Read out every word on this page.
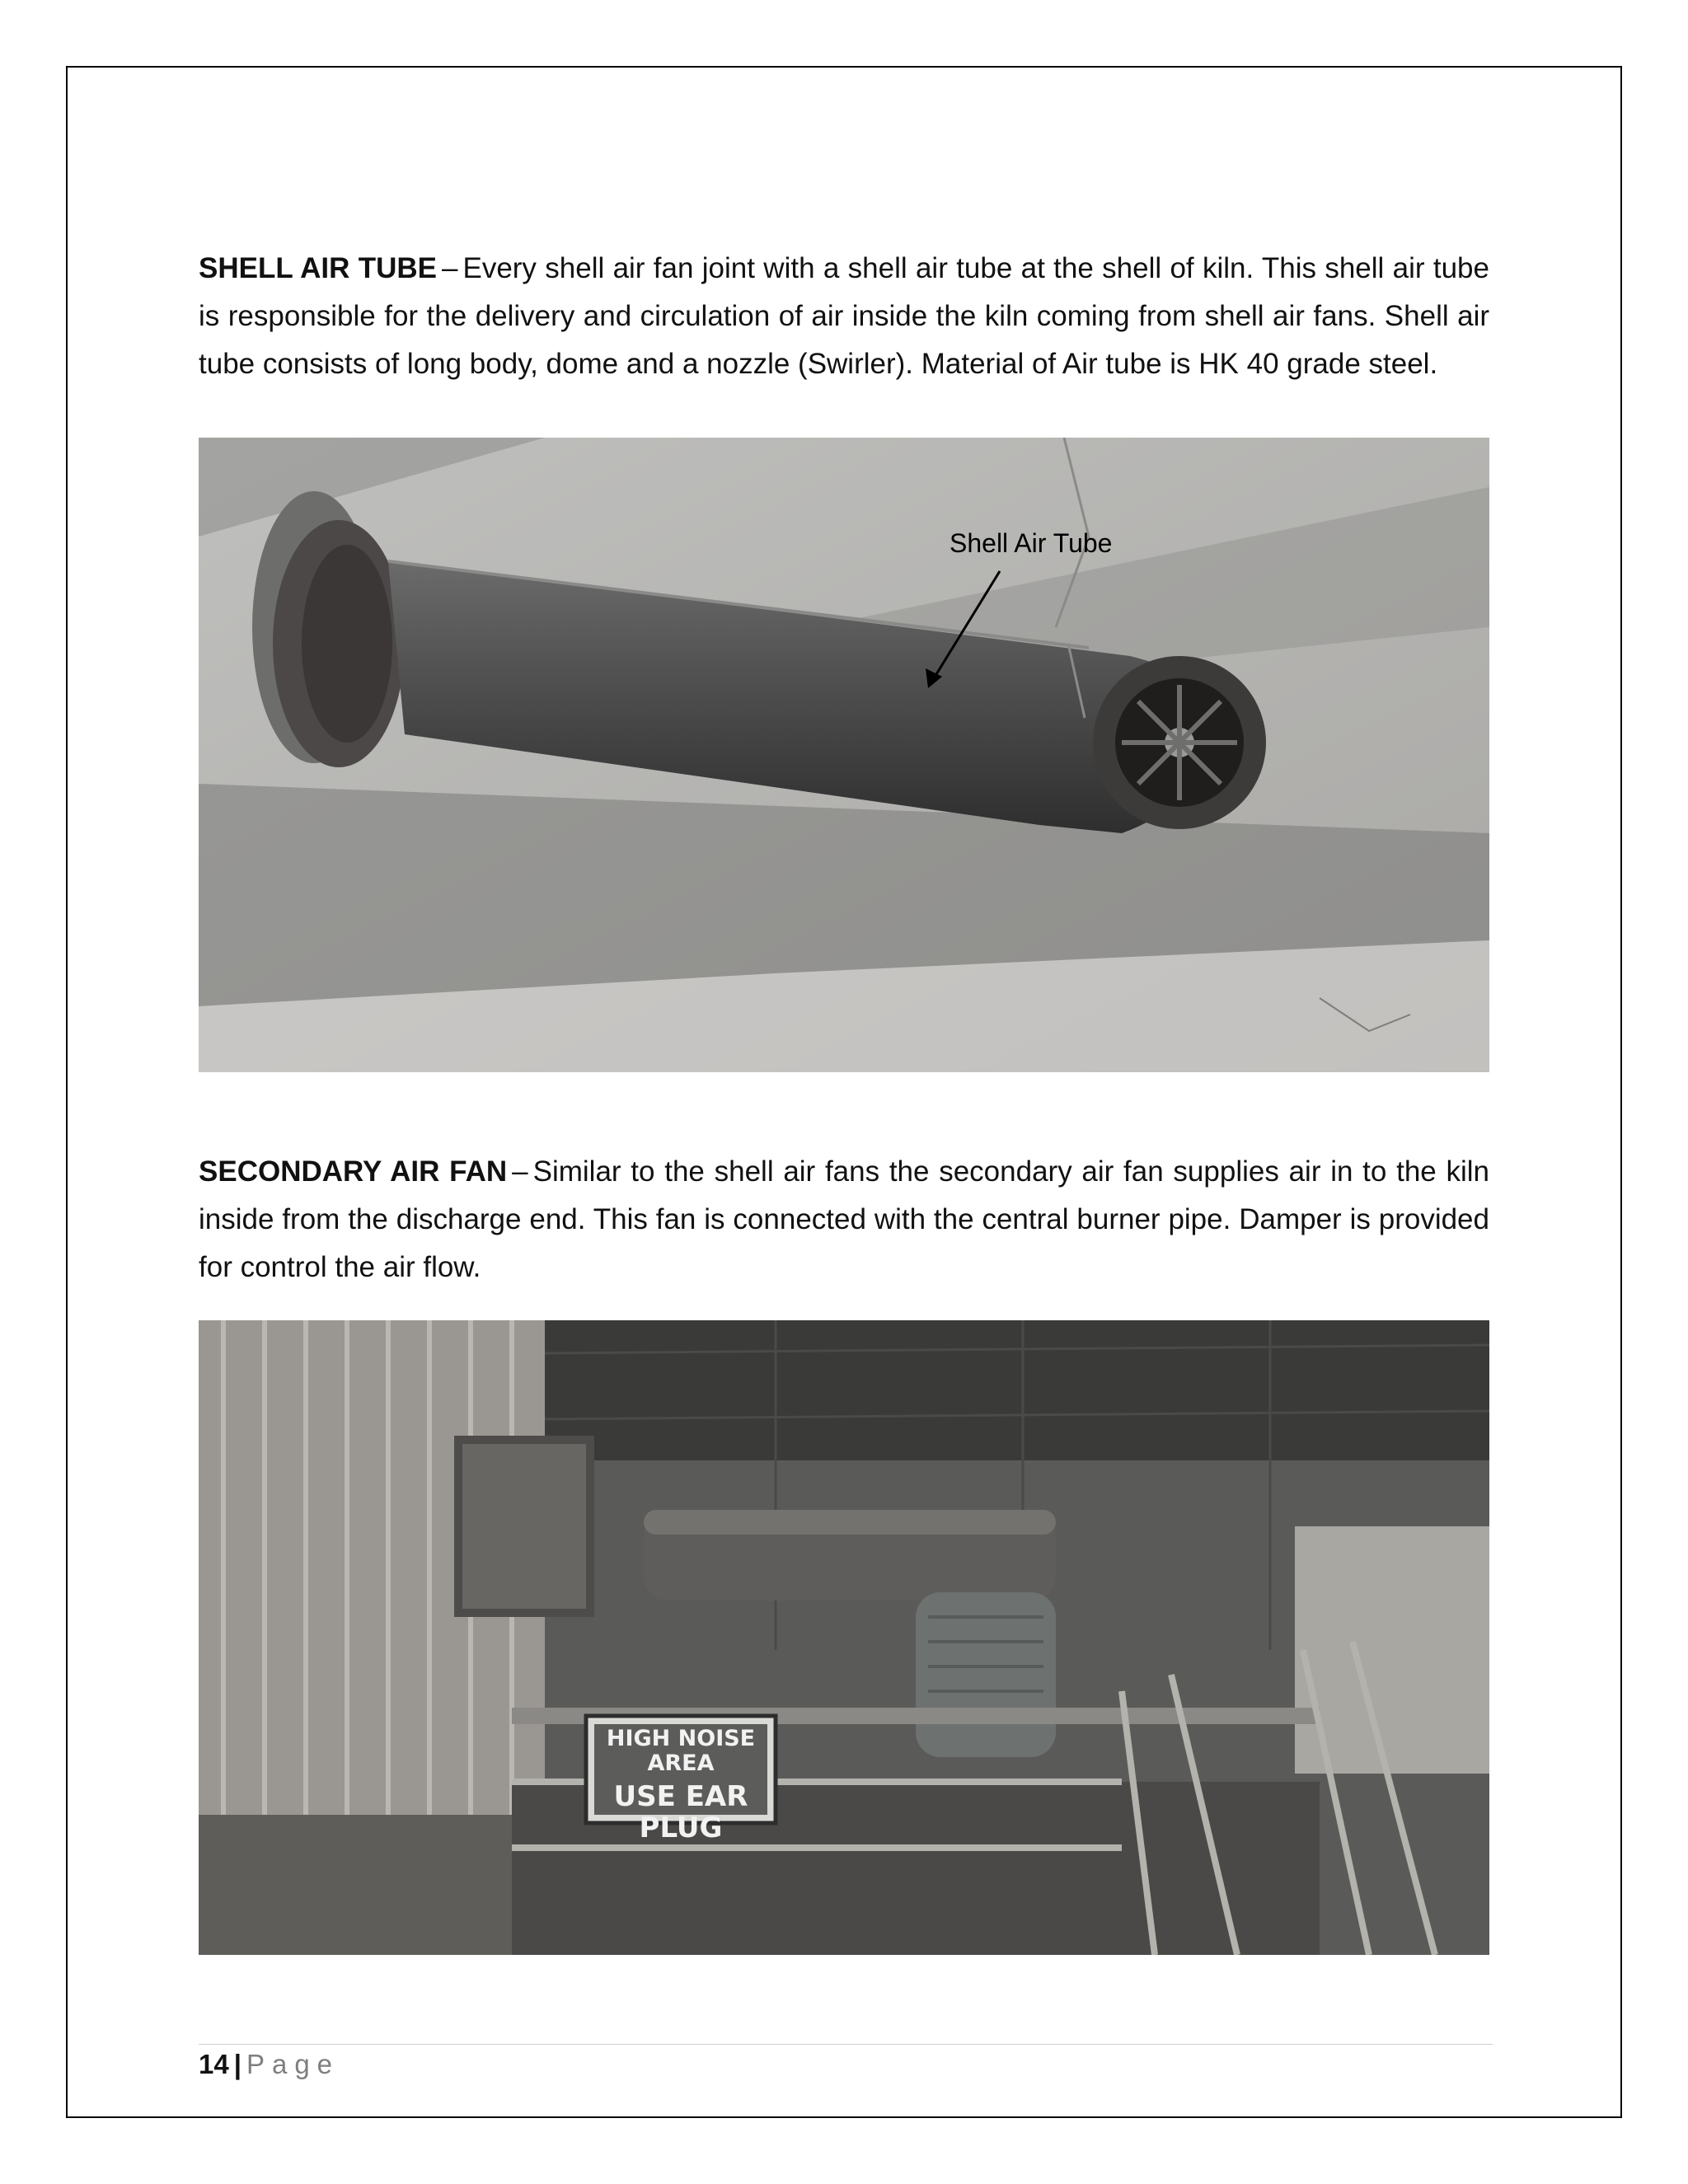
SHELL AIR TUBE – Every shell air fan joint with a shell air tube at the shell of kiln. This shell air tube is responsible for the delivery and circulation of air inside the kiln coming from shell air fans. Shell air tube consists of long body, dome and a nozzle (Swirler). Material of Air tube is HK 40 grade steel.

Shell Air Tube

SECONDARY AIR FAN – Similar to the shell air fans the secondary air fan supplies air in to the kiln inside from the discharge end. This fan is connected with the central burner pipe. Damper is provided for control the air flow.

HIGH NOISE AREA
USE EAR PLUG
14 | Page
